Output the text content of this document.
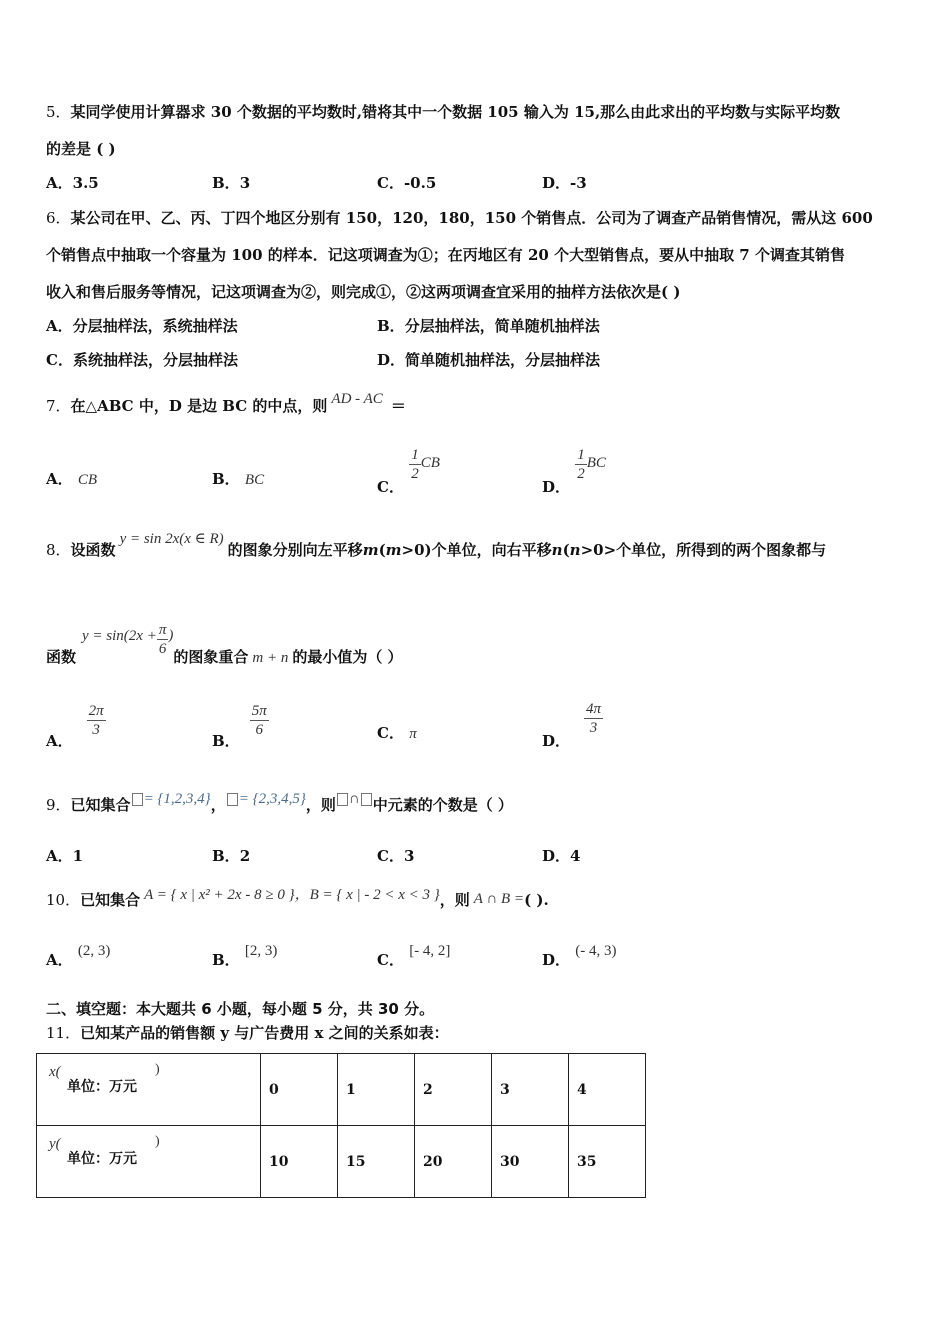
5．某同学使用计算器求 30 个数据的平均数时,错将其中一个数据 105 输入为 15,那么由此求出的平均数与实际平均数
的差是 ( )
A．3.5	B．3	C．-0.5	D．-3
6．某公司在甲、乙、丙、丁四个地区分别有 150，120，180，150 个销售点．公司为了调查产品销售情况，需从这 600
个销售点中抽取一个容量为 100 的样本．记这项调查为①；在丙地区有 20 个大型销售点，要从中抽取 7 个调查其销售
收入和售后服务等情况，记这项调查为②，则完成①，②这两项调查宜采用的抽样方法依次是( )
A．分层抽样法，系统抽样法	B．分层抽样法，简单随机抽样法
C．系统抽样法，分层抽样法	D．简单随机抽样法，分层抽样法
7．在△ABC 中，D 是边 BC 的中点，则 AD - AC ＝
A． CB	B． BC	C．
$\frac{1}{2}$ CB
D．
$\frac{1}{2}$ BC
8．设函数y = sin 2x(x ∈ R)的图象分别向左平移m(m>0)个单位，向右平移n(n>0>个单位，所得到的两个图象都与
函数$y = \sin(2x + \frac{\pi}{6}$ )的图象重合 m + n 的最小值为（ ）
A．
$\frac{2\pi}{3}$
B．
$\frac{5\pi}{6}$	C． π	D．
$\frac{4\pi}{3}$
9．已知集合 = {1,2,3,4}， = {2,3,4,5}，则 ∩ 中元素的个数是（ ）
A．1	B．2	C．3	D．4
10．已知集合 A = { x | x² + 2x - 8 ≥ 0 }，B = { x | - 2 < x < 3 }，则 A ∩ B =( ).
A． (2, 3)	B． [2, 3)	C． [- 4, 2]	D． (- 4, 3)
二、填空题：本大题共 6 小题，每小题 5 分，共 30 分。
11．已知某产品的销售额 y 与广告费用 x 之间的关系如表：
x(
单位：万元
)	0	1	2	3	4

y(
单位：万元
)	10	15	20	30	35
